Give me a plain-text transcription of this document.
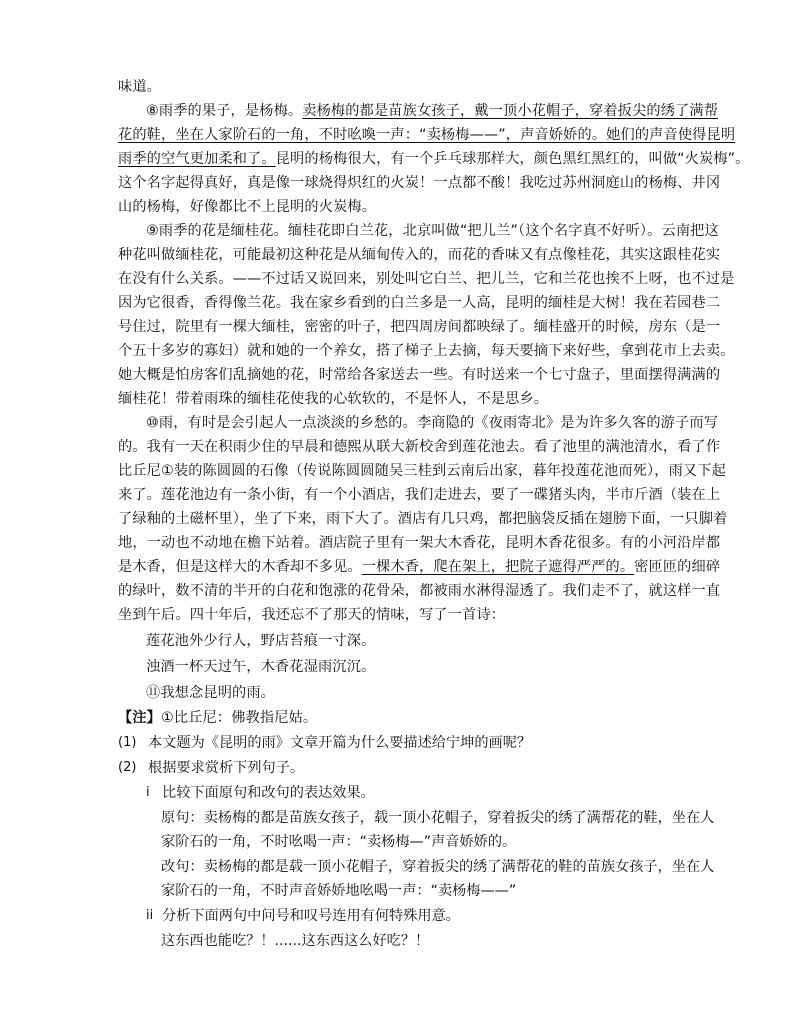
味道。
⑧雨季的果子，是杨梅。卖杨梅的都是苗族女孩子，戴一顶小花帽子，穿着扳尖的绣了满帮
花的鞋，坐在人家阶石的一角，不时吆喚一声：“卖杨梅——”，声音娇娇的。她们的声音使得昆明
雨季的空气更加柔和了。昆明的杨梅很大，有一个乒乓球那样大，颜色黑红黑红的，叫做“火炭梅”。
这个名字起得真好，真是像一球烧得炽红的火炭！一点都不酸！我吃过苏州洞庭山的杨梅、井冈
山的杨梅，好像都比不上昆明的火炭梅。
⑨雨季的花是缅桂花。缅桂花即白兰花，北京叫做“把儿兰”（这个名字真不好听）。云南把这
种花叫做缅桂花，可能最初这种花是从缅甸传入的，而花的香味又有点像桂花，其实这跟桂花实
在没有什么关系。——不过话又说回来，别处叫它白兰、把儿兰，它和兰花也挨不上呀，也不过是
因为它很香，香得像兰花。我在家乡看到的白兰多是一人高，昆明的缅桂是大树！我在若园巷二
号住过，院里有一棵大缅桂，密密的叶子，把四周房间都映绿了。缅桂盛开的时候，房东（是一
个五十多岁的寡妇）就和她的一个养女，搭了梯子上去摘，每天要摘下来好些，拿到花市上去卖。
她大概是怕房客们乱摘她的花，时常给各家送去一些。有时送来一个七寸盘子，里面摆得满满的
缅桂花！带着雨珠的缅桂花使我的心软软的，不是怀人，不是思乡。
⑩雨，有时是会引起人一点淡淡的乡愁的。李商隐的《夜雨寄北》是为许多久客的游子而写
的。我有一天在积雨少住的早晨和德熙从联大新校舍到莲花池去。看了池里的满池清水，看了作
比丘尼①装的陈圆圆的石像（传说陈圆圆随吴三桂到云南后出家，暮年投莲花池而死），雨又下起
来了。莲花池边有一条小街，有一个小酒店，我们走进去，要了一碟猪头肉，半市斤酒（装在上
了绿釉的土磁杯里），坐了下来，雨下大了。酒店有几只鸡，都把脑袋反插在翅膀下面，一只脚着
地，一动也不动地在檐下站着。酒店院子里有一架大木香花，昆明木香花很多。有的小河沿岸都
是木香，但是这样大的木香却不多见。一棵木香，爬在架上，把院子遮得严严的。密匝匝的细碎
的绿叶，数不清的半开的白花和饱涨的花骨朵，都被雨水淋得湿透了。我们走不了，就这样一直
坐到午后。四十年后，我还忘不了那天的情味，写了一首诗：
莲花池外少行人，野店苔痕一寸深。
浊酒一杯天过午，木香花湿雨沉沉。
⑪我想念昆明的雨。
【注】①比丘尼：佛教指尼姑。
(1) 本文题为《昆明的雨》文章开篇为什么要描述给宁坤的画呢？
(2) 根据要求赏析下列句子。
i 比较下面原句和改句的表达效果。
原句：卖杨梅的都是苗族女孩子，载一顶小花帽子，穿着扳尖的绣了满帮花的鞋，坐在人
家阶石的一角，不时吆喝一声：“卖杨梅—”声音娇娇的。
改句：卖杨梅的都是载一顶小花帽子，穿着扳尖的绣了满帮花的鞋的苗族女孩子，坐在人
家阶石的一角，不时声音娇娇地吆喝一声：“卖杨梅——”
ii 分析下面两句中问号和叹号连用有何特殊用意。
这东西也能吃？！......这东西这么好吃？！
